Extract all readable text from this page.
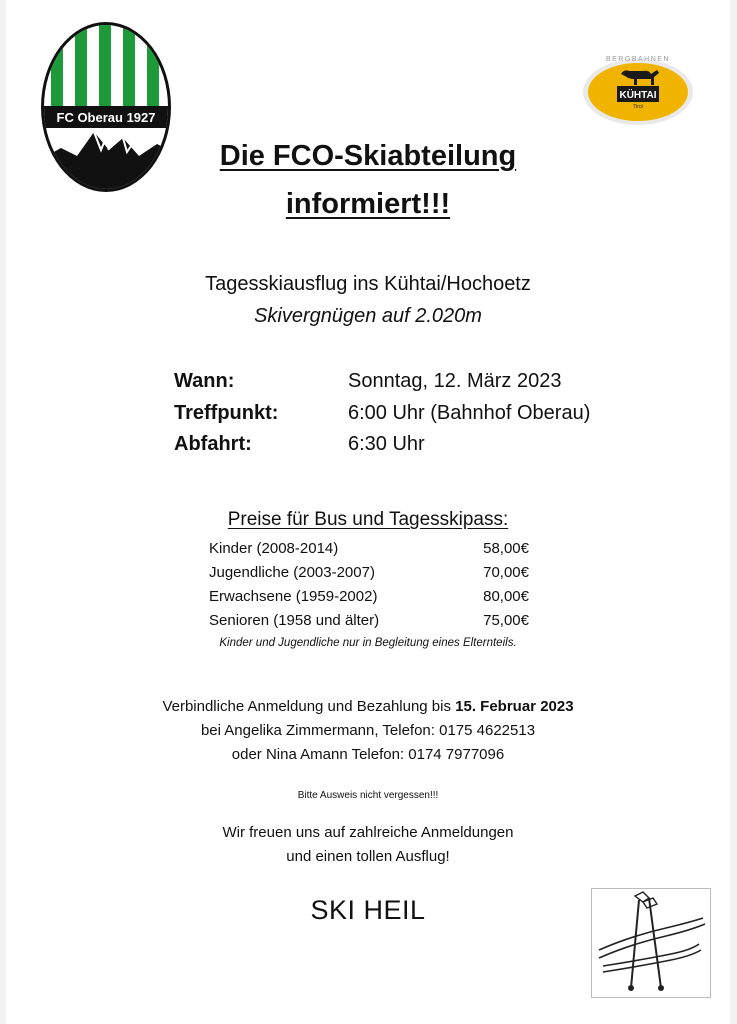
FC Oberau 1927
BERGBAHNEN
KÜHTAI
Tirol
Die FCO-Skiabteilung
informiert!!!
Tagesskiausflug ins Kühtai/Hochoetz
Skivergnügen auf 2.020m
Wann:	Sonntag, 12. März 2023
Treffpunkt:	6:00 Uhr (Bahnhof Oberau)
Abfahrt:	6:30 Uhr
Preise für Bus und Tagesskipass:
Kinder (2008-2014)	58,00€
Jugendliche (2003-2007)	70,00€
Erwachsene (1959-2002)	80,00€
Senioren (1958 und älter)	75,00€
Kinder und Jugendliche nur in Begleitung eines Elternteils.
Verbindliche Anmeldung und Bezahlung bis 15. Februar 2023
bei Angelika Zimmermann, Telefon: 0175 4622513
oder Nina Amann Telefon: 0174 7977096
Bitte Ausweis nicht vergessen!!!
Wir freuen uns auf zahlreiche Anmeldungen
und einen tollen Ausflug!
SKI HEIL
